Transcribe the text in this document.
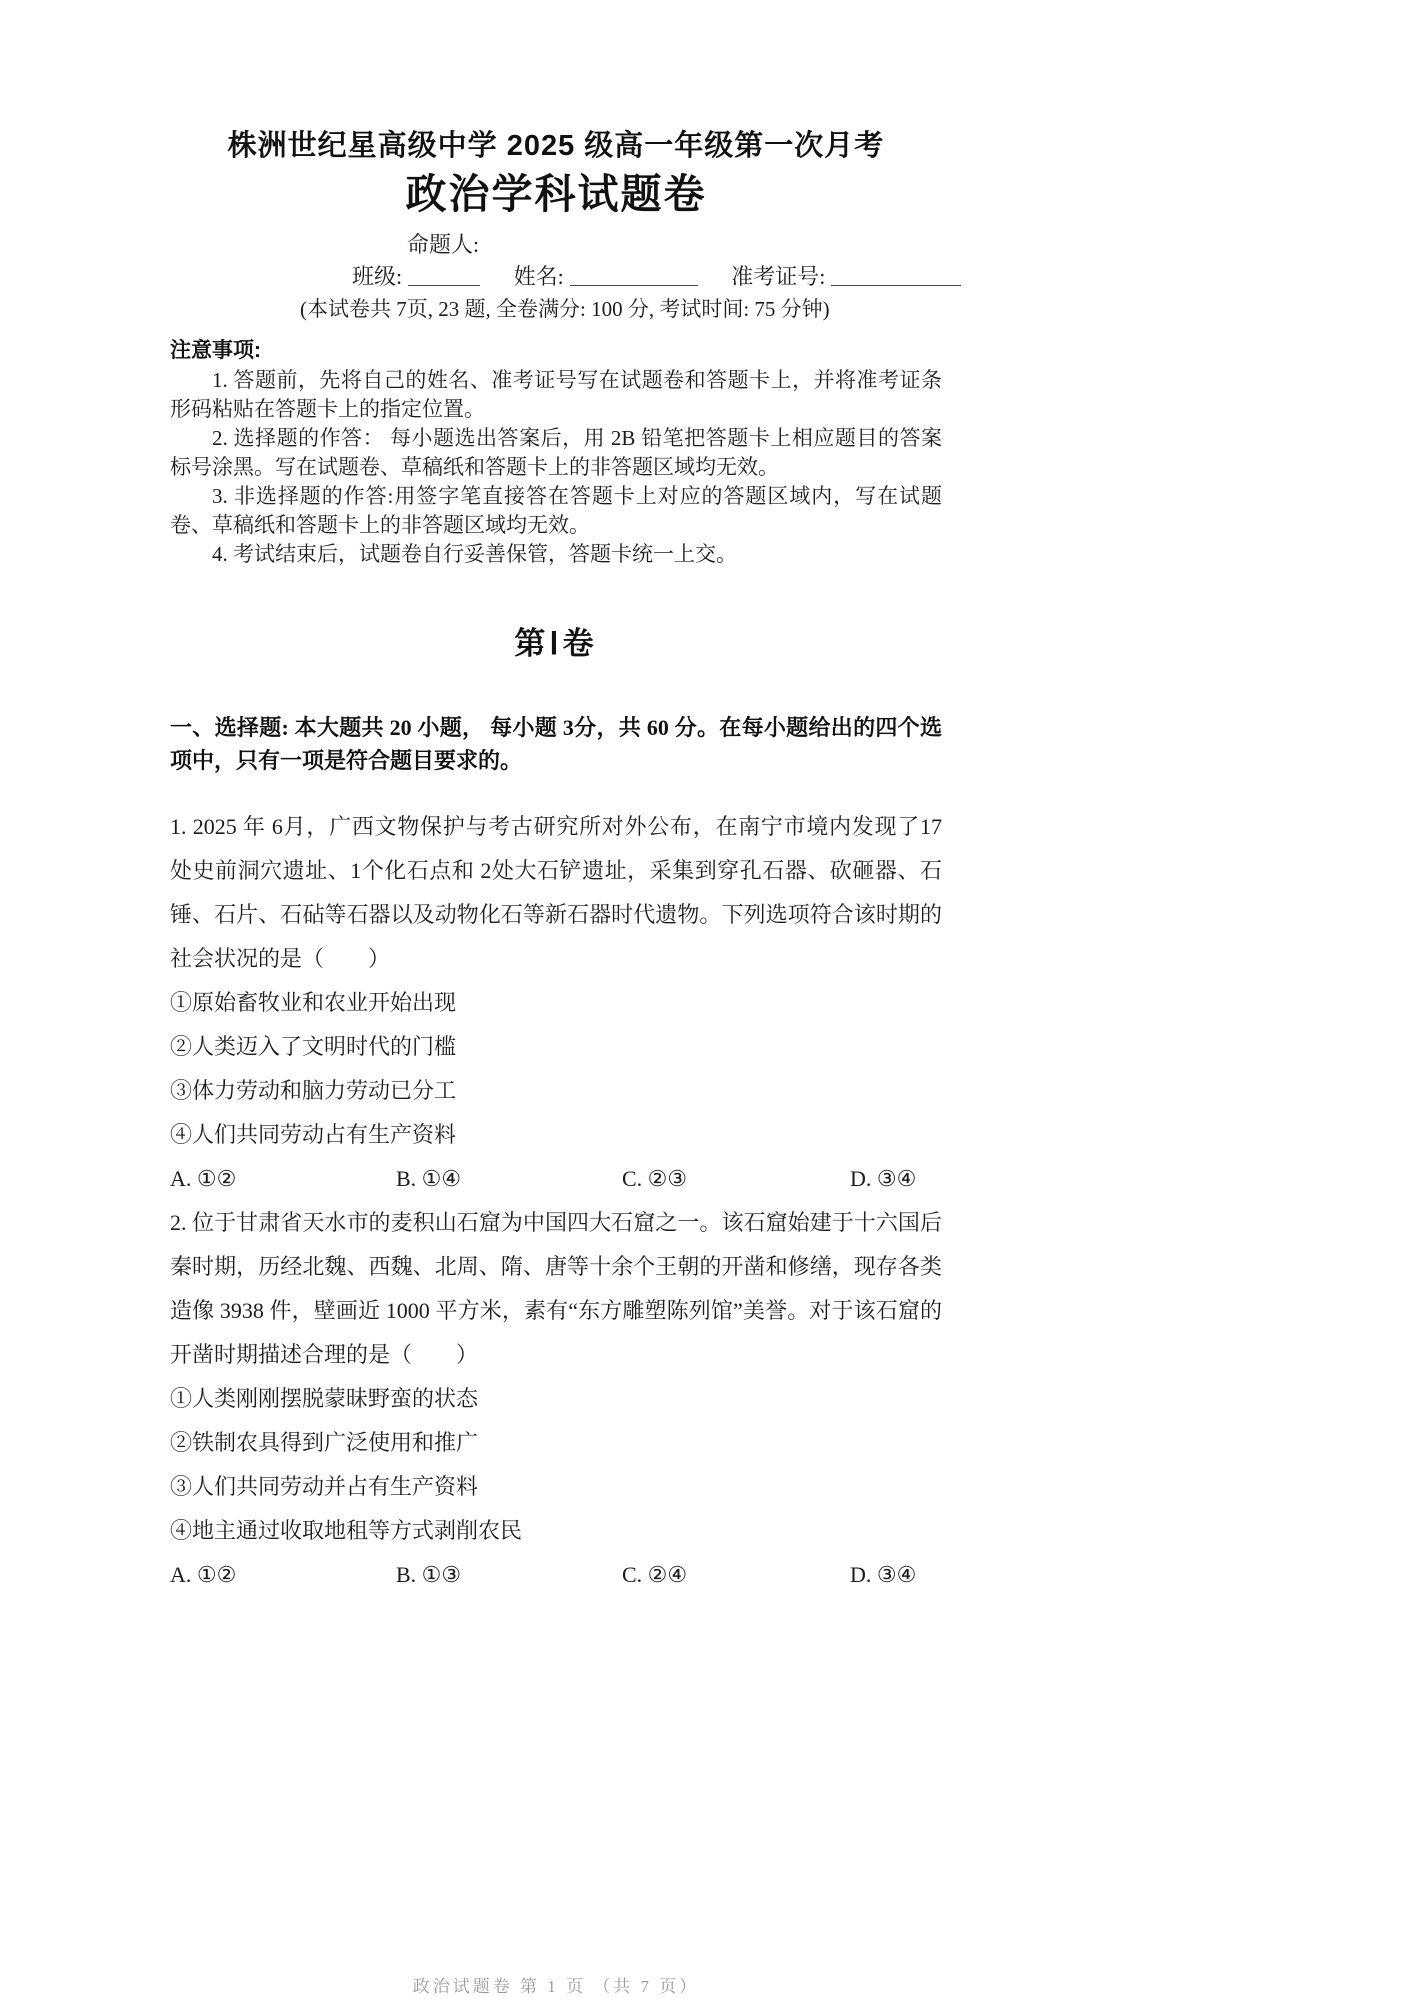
株洲世纪星高级中学 2025 级高一年级第一次月考
政治学科试题卷
命题人:
班级:	姓名:	准考证号:
(本试卷共 7页, 23 题, 全卷满分: 100 分, 考试时间: 75 分钟)
注意事项:

1. 答题前，先将自己的姓名、准考证号写在试题卷和答题卡上，并将准考证条形码粘贴在答题卡上的指定位置。

2. 选择题的作答： 每小题选出答案后，用 2B 铅笔把答题卡上相应题目的答案标号涂黑。写在试题卷、草稿纸和答题卡上的非答题区域均无效。

3. 非选择题的作答:用签字笔直接答在答题卡上对应的答题区域内，写在试题卷、草稿纸和答题卡上的非答题区域均无效。

4. 考试结束后，试题卷自行妥善保管，答题卡统一上交。

第Ⅰ卷
一、选择题: 本大题共 20 小题， 每小题 3分，共 60 分。在每小题给出的四个选项中，只有一项是符合题目要求的。
1. 2025 年 6月，广西文物保护与考古研究所对外公布，在南宁市境内发现了17 处史前洞穴遗址、1个化石点和 2处大石铲遗址，采集到穿孔石器、砍砸器、石锤、石片、石砧等石器以及动物化石等新石器时代遗物。下列选项符合该时期的社会状况的是（　　）
①原始畜牧业和农业开始出现
②人类迈入了文明时代的门槛
③体力劳动和脑力劳动已分工
④人们共同劳动占有生产资料
A. ①②	B. ①④	C. ②③	D. ③④
2. 位于甘肃省天水市的麦积山石窟为中国四大石窟之一。该石窟始建于十六国后秦时期，历经北魏、西魏、北周、隋、唐等十余个王朝的开凿和修缮，现存各类造像 3938 件，壁画近 1000 平方米，素有“东方雕塑陈列馆”美誉。对于该石窟的开凿时期描述合理的是（　　）
①人类刚刚摆脱蒙昧野蛮的状态
②铁制农具得到广泛使用和推广
③人们共同劳动并占有生产资料
④地主通过收取地租等方式剥削农民
A. ①②	B. ①③	C. ②④	D. ③④
政治试题卷 第 1 页 （共 7 页）
